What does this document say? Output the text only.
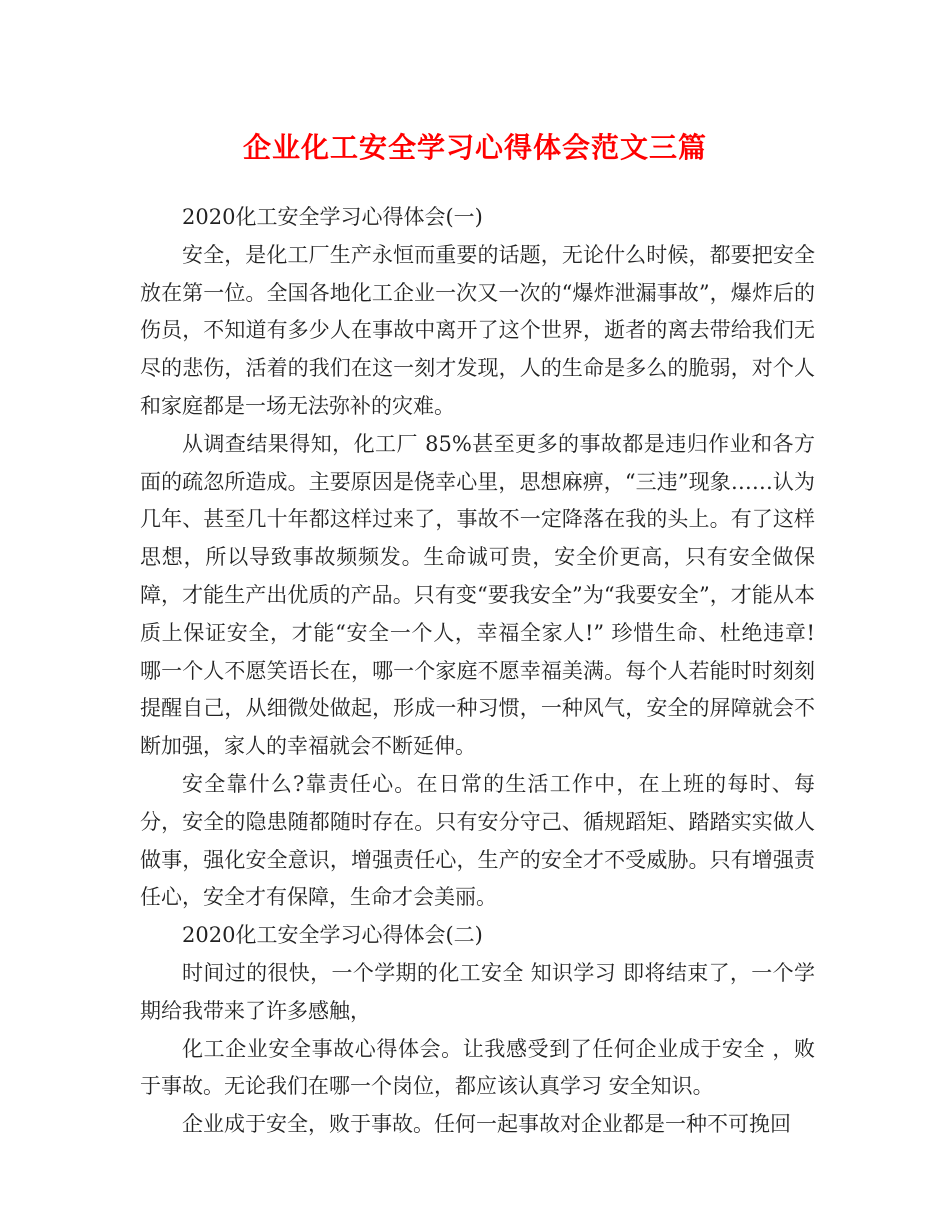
企业化工安全学习心得体会范文三篇

2020化工安全学习心得体会(一)

安全，是化工厂生产永恒而重要的话题，无论什么时候，都要把安全放在第一位。全国各地化工企业一次又一次的“爆炸泄漏事故”，爆炸后的伤员，不知道有多少人在事故中离开了这个世界，逝者的离去带给我们无尽的悲伤，活着的我们在这一刻才发现，人的生命是多么的脆弱，对个人和家庭都是一场无法弥补的灾难。

从调查结果得知，化工厂 85%甚至更多的事故都是违归作业和各方面的疏忽所造成。主要原因是侥幸心里，思想麻痹，“三违”现象……认为几年、甚至几十年都这样过来了，事故不一定降落在我的头上。有了这样思想，所以导致事故频频发。生命诚可贵，安全价更高，只有安全做保障，才能生产出优质的产品。只有变“要我安全”为“我要安全”，才能从本质上保证安全，才能“安全一个人，幸福全家人!” 珍惜生命、杜绝违章! 哪一个人不愿笑语长在，哪一个家庭不愿幸福美满。每个人若能时时刻刻提醒自己，从细微处做起，形成一种习惯，一种风气，安全的屏障就会不断加强，家人的幸福就会不断延伸。

安全靠什么?靠责任心。在日常的生活工作中，在上班的每时、每分，安全的隐患随都随时存在。只有安分守己、循规蹈矩、踏踏实实做人做事，强化安全意识，增强责任心，生产的安全才不受威胁。只有增强责任心，安全才有保障，生命才会美丽。

2020化工安全学习心得体会(二)

时间过的很快，一个学期的化工安全 知识学习 即将结束了，一个学期给我带来了许多感触，

化工企业安全事故心得体会。让我感受到了任何企业成于安全 ，败于事故。无论我们在哪一个岗位，都应该认真学习 安全知识。

企业成于安全，败于事故。任何一起事故对企业都是一种不可挽回
